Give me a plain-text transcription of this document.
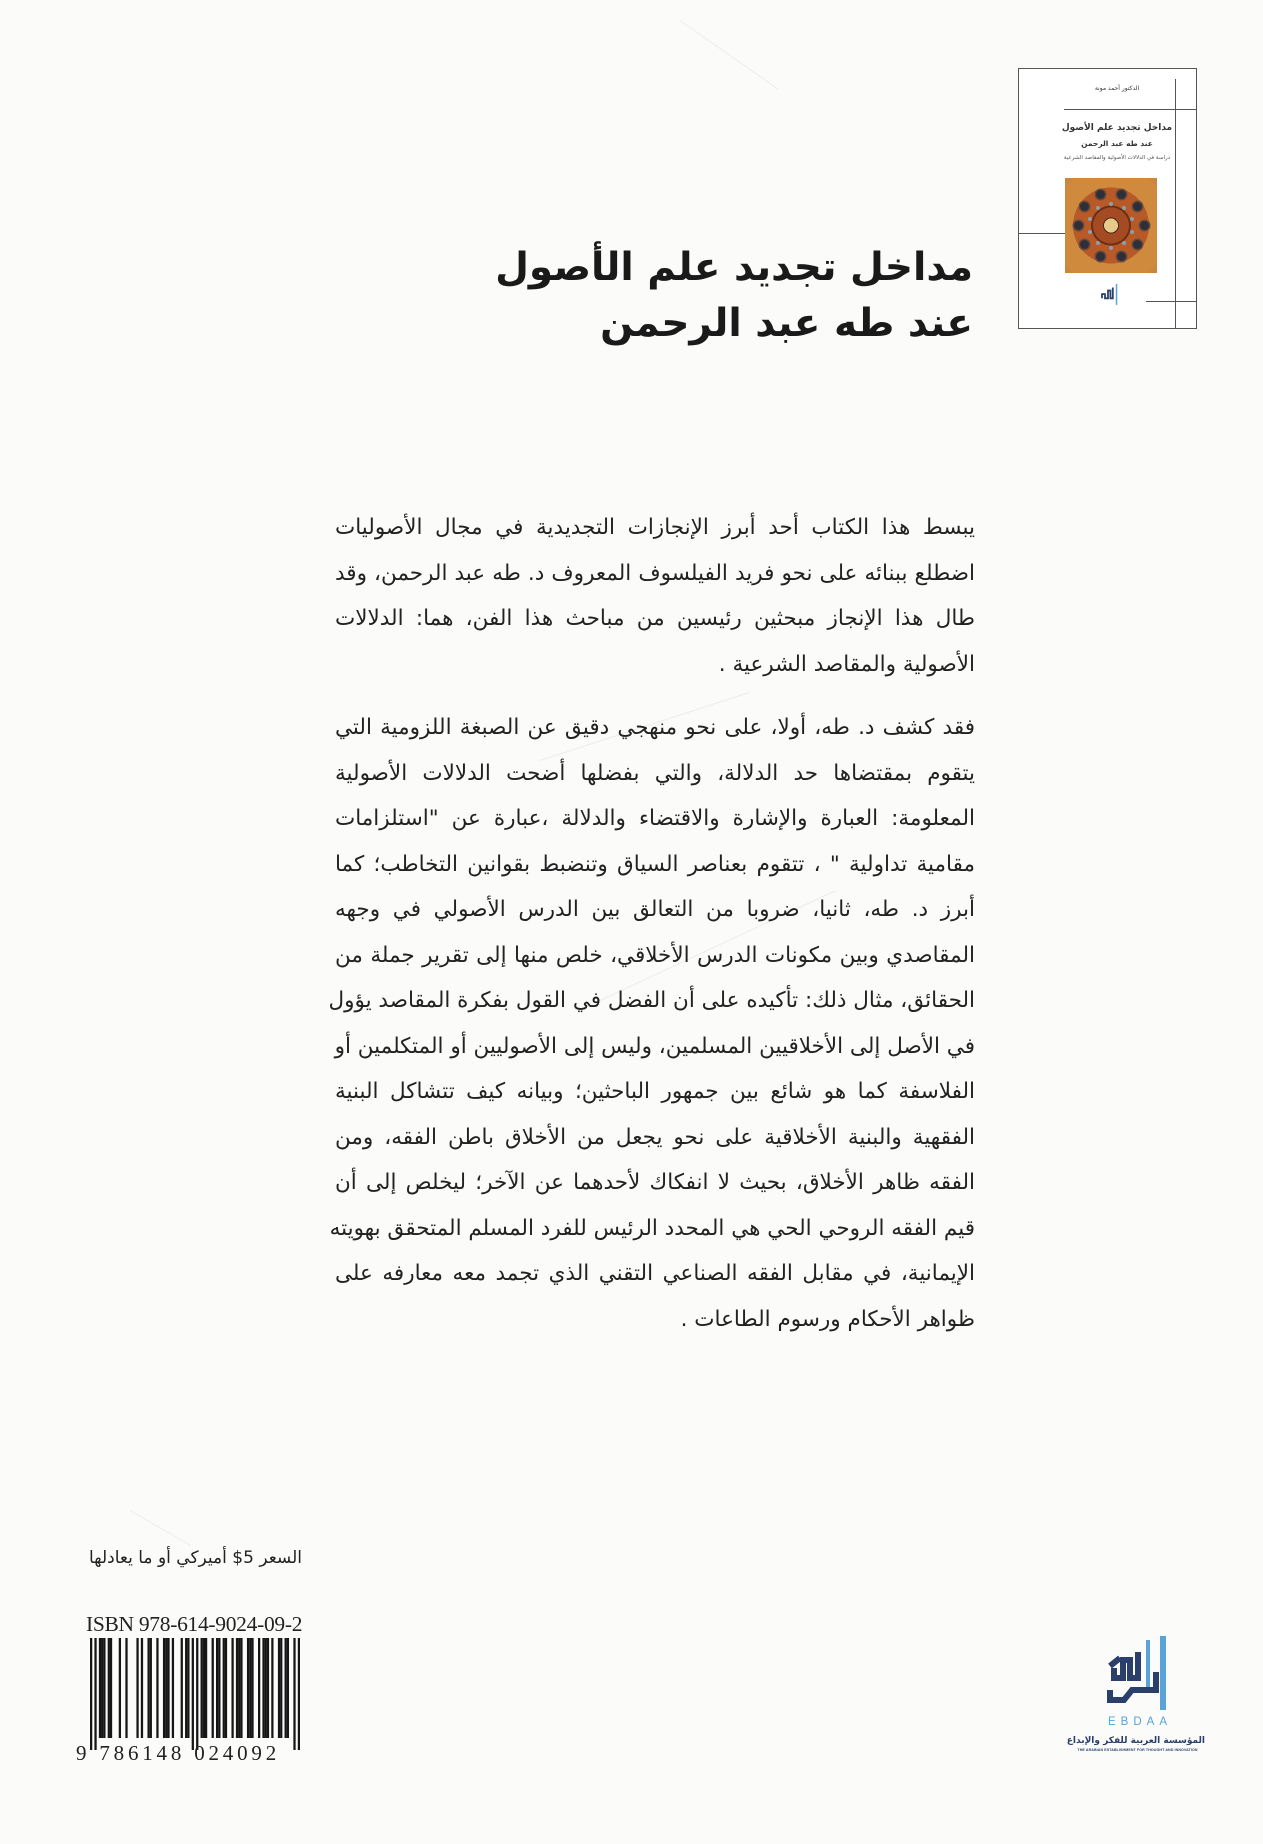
الدكتور أحمد مونة
مداخل تجديد علم الأصول
عند طه عبد الرحمن
دراسة في الدلالات الأصولية والمقاصد الشرعية
مداخل تجديد علم الأصول
عند طه عبد الرحمن

يبسط هذا الكتاب أحد أبرز الإنجازات التجديدية في مجال الأصوليات
اضطلع ببنائه على نحو فريد الفيلسوف المعروف د. طه عبد الرحمن، وقد
طال هذا الإنجاز مبحثين رئيسين من مباحث هذا الفن، هما: الدلالات
الأصولية والمقاصد الشرعية .

فقد كشف د. طه، أولا، على نحو منهجي دقيق عن الصبغة اللزومية التي
يتقوم بمقتضاها حد الدلالة، والتي بفضلها أضحت الدلالات الأصولية
المعلومة: العبارة والإشارة والاقتضاء والدلالة ،عبارة عن "استلزامات
مقامية تداولية " ، تتقوم بعناصر السياق وتنضبط بقوانين التخاطب؛ كما
أبرز د. طه، ثانيا، ضروبا من التعالق بين الدرس الأصولي في وجهه
المقاصدي وبين مكونات الدرس الأخلاقي، خلص منها إلى تقرير جملة من
الحقائق، مثال ذلك: تأكيده على أن الفضل في القول بفكرة المقاصد يؤول
في الأصل إلى الأخلاقيين المسلمين، وليس إلى الأصوليين أو المتكلمين أو
الفلاسفة كما هو شائع بين جمهور الباحثين؛ وبيانه كيف تتشاكل البنية
الفقهية والبنية الأخلاقية على نحو يجعل من الأخلاق باطن الفقه، ومن
الفقه ظاهر الأخلاق، بحيث لا انفكاك لأحدهما عن الآخر؛ ليخلص إلى أن
قيم الفقه الروحي الحي هي المحدد الرئيس للفرد المسلم المتحقق بهويته
الإيمانية، في مقابل الفقه الصناعي التقني الذي تجمد معه معارفه على
ظواهر الأحكام ورسوم الطاعات .

السعر 5$ أميركي أو ما يعادلها
ISBN 978-614-9024-09-2
9 786148 024092
EBDAA
المؤسسة العربية للفكر والإبداع
THE ARABIAN ESTABLISHMENT FOR THOUGHT AND INNOVATION
